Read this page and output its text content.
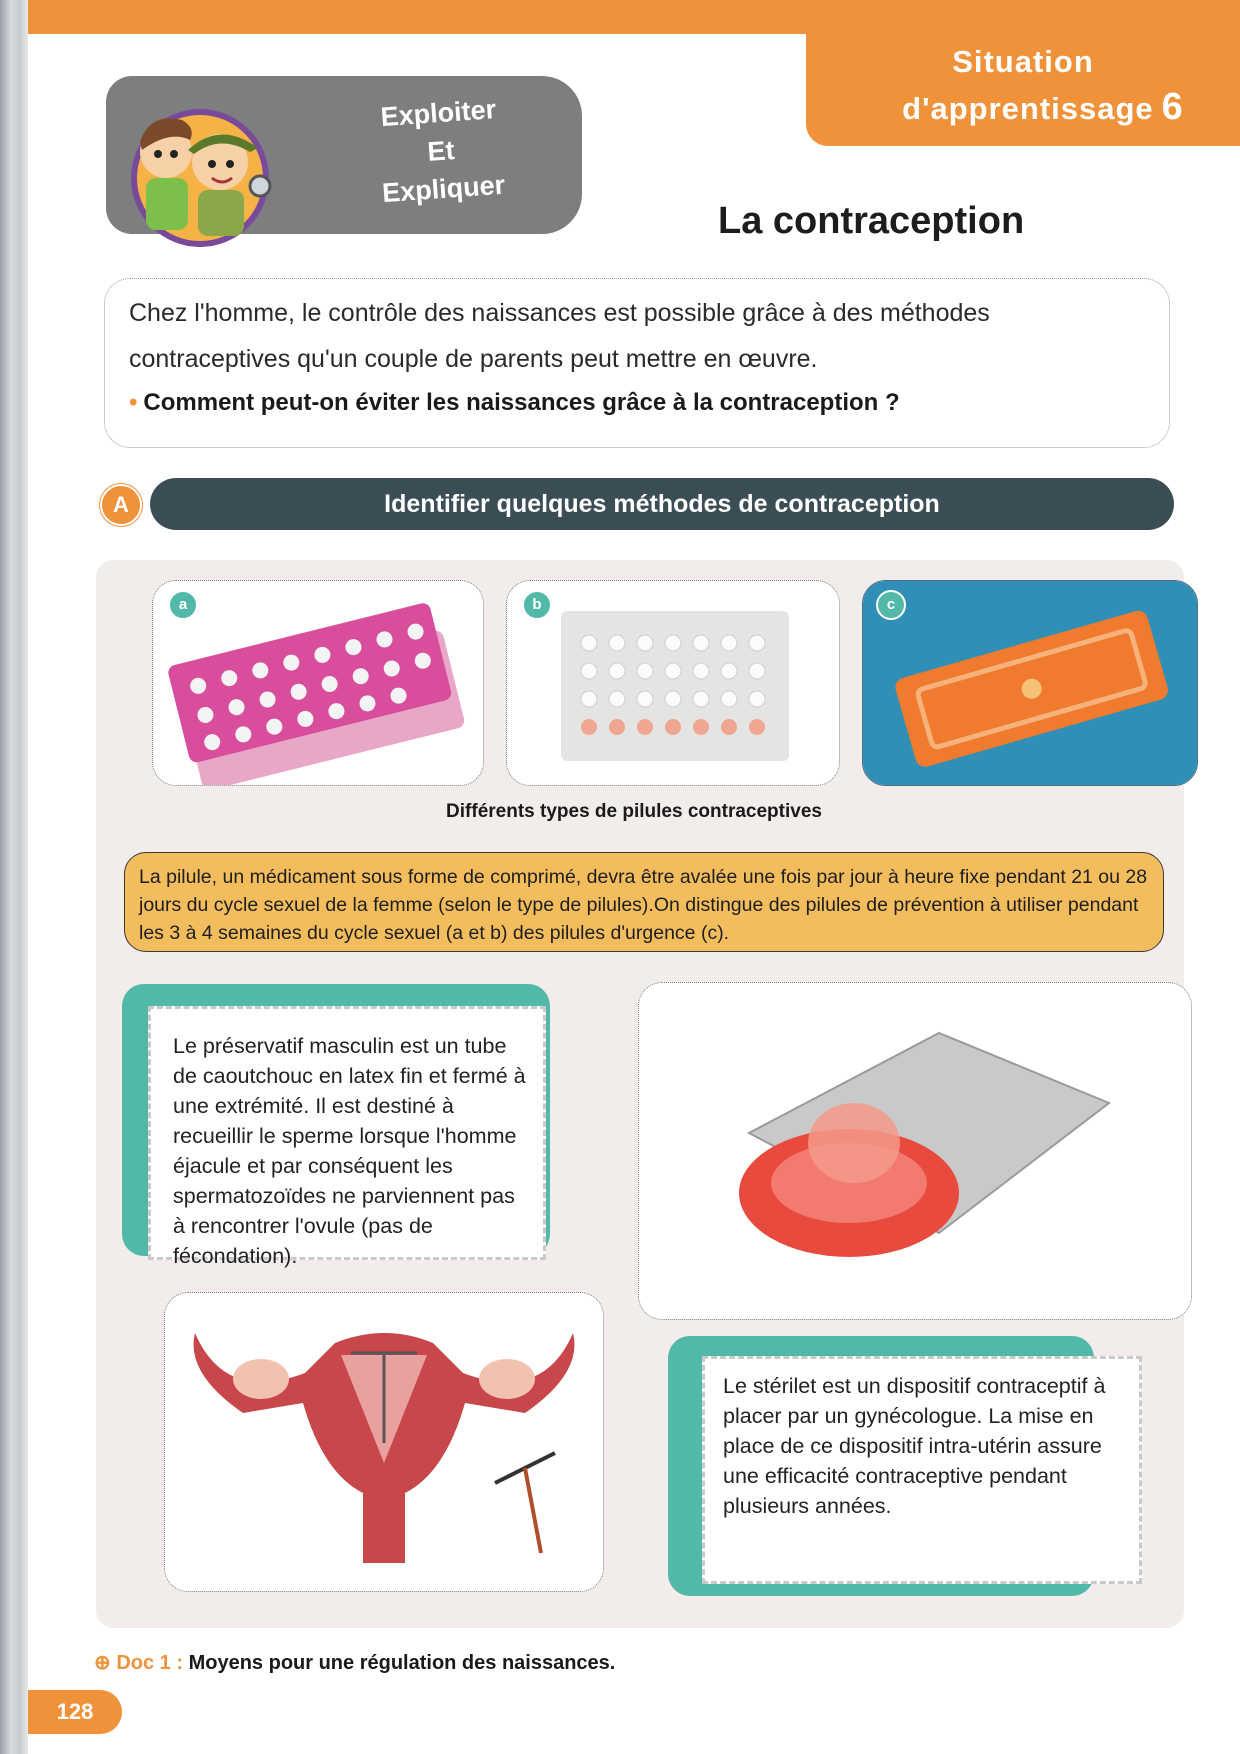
Situation
d'apprentissage 6
Exploiter
Et
Expliquer
La contraception

Chez l'homme, le contrôle des naissances est possible grâce à des méthodes

contraceptives qu'un couple de parents peut mettre en œuvre.

• Comment peut-on éviter les naissances grâce à la contraception ?

A	Identifier quelques méthodes de contraception
a	b	c
Différents types de pilules contraceptives
La pilule, un médicament sous forme de comprimé, devra être avalée une fois par jour à heure fixe pendant 21 ou 28 jours du cycle sexuel de la femme (selon le type de pilules).On distingue des pilules de prévention à utiliser pendant les 3 à 4 semaines du cycle sexuel (a et b) des pilules d'urgence (c).
Le préservatif masculin est un tube de caoutchouc en latex fin et fermé à une extrémité. Il est destiné à recueillir le sperme lorsque l'homme éjacule et par conséquent les spermatozoïdes ne parviennent pas à rencontrer l'ovule (pas de fécondation).
Le stérilet est un dispositif contraceptif à placer par un gynécologue. La mise en place de ce dispositif intra-utérin assure une efficacité contraceptive pendant plusieurs années.
⊕ Doc 1 : Moyens pour une régulation des naissances.
128
